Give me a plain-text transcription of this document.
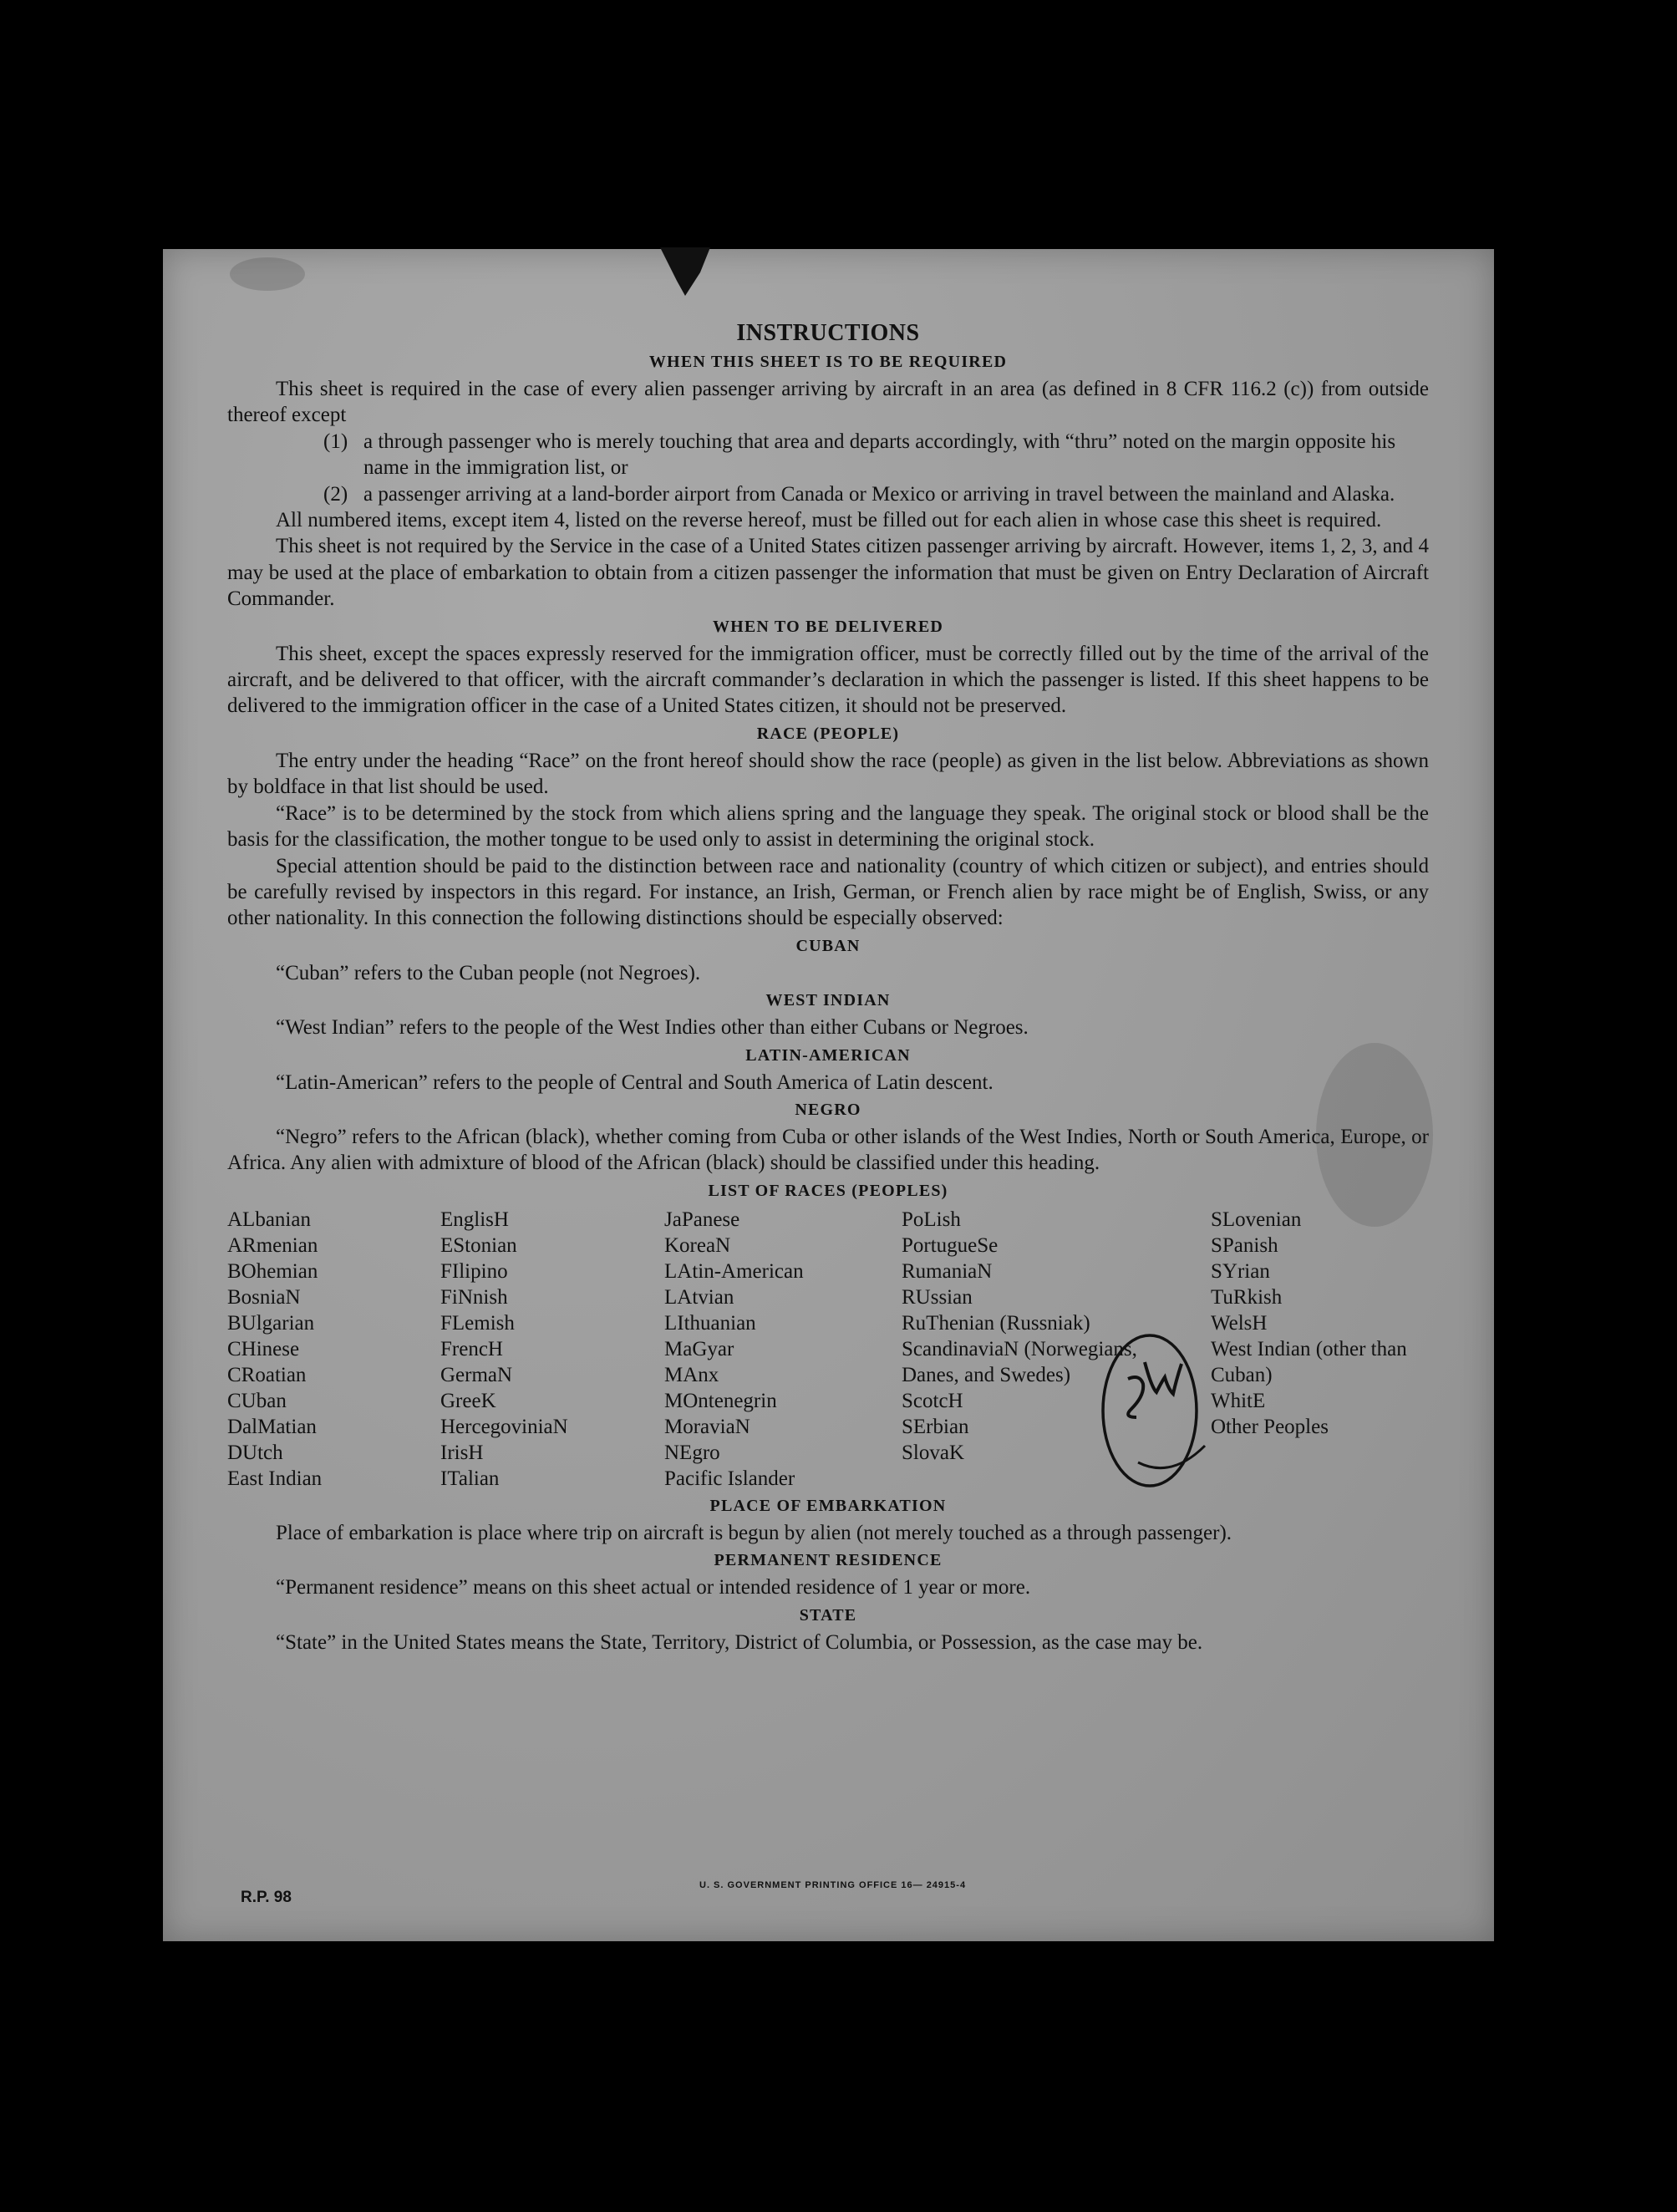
INSTRUCTIONS
WHEN THIS SHEET IS TO BE REQUIRED

This sheet is required in the case of every alien passenger arriving by aircraft in an area (as defined in 8 CFR 116.2 (c)) from outside thereof except

(1) a through passenger who is merely touching that area and departs accordingly, with “thru” noted on the margin opposite his name in the immigration list, or
(2) a passenger arriving at a land-border airport from Canada or Mexico or arriving in travel between the mainland and Alaska.

All numbered items, except item 4, listed on the reverse hereof, must be filled out for each alien in whose case this sheet is required.

This sheet is not required by the Service in the case of a United States citizen passenger arriving by aircraft. However, items 1, 2, 3, and 4 may be used at the place of embarkation to obtain from a citizen passenger the information that must be given on Entry Declaration of Aircraft Commander.

WHEN TO BE DELIVERED

This sheet, except the spaces expressly reserved for the immigration officer, must be correctly filled out by the time of the arrival of the aircraft, and be delivered to that officer, with the aircraft commander’s declaration in which the passenger is listed. If this sheet happens to be delivered to the immigration officer in the case of a United States citizen, it should not be preserved.

RACE (PEOPLE)

The entry under the heading “Race” on the front hereof should show the race (people) as given in the list below. Abbreviations as shown by boldface in that list should be used.

“Race” is to be determined by the stock from which aliens spring and the language they speak. The original stock or blood shall be the basis for the classification, the mother tongue to be used only to assist in determining the original stock.

Special attention should be paid to the distinction between race and nationality (country of which citizen or subject), and entries should be carefully revised by inspectors in this regard. For instance, an Irish, German, or French alien by race might be of English, Swiss, or any other nationality. In this connection the following distinctions should be especially observed:

CUBAN

“Cuban” refers to the Cuban people (not Negroes).

WEST INDIAN

“West Indian” refers to the people of the West Indies other than either Cubans or Negroes.

LATIN-AMERICAN

“Latin-American” refers to the people of Central and South America of Latin descent.

NEGRO

“Negro” refers to the African (black), whether coming from Cuba or other islands of the West Indies, North or South America, Europe, or Africa. Any alien with admixture of blood of the African (black) should be classified under this heading.

LIST OF RACES (PEOPLES)
ALbanian
ARmenian
BOhemian
BosniaN
BUlgarian
CHinese
CRoatian
CUban
DalMatian
DUtch
East Indian
EnglisH
EStonian
FIlipino
FiNnish
FLemish
FrencH
GermaN
GreeK
HercegoviniaN
IrisH
ITalian
JaPanese
KoreaN
LAtin-American
LAtvian
LIthuanian
MaGyar
MAnx
MOntenegrin
MoraviaN
NEgro
Pacific Islander
PoLish
PortugueSe
RumaniaN
RUssian
RuThenian (Russniak)
ScandinaviaN (Norwegians, Danes, and Swedes)
ScotcH
SErbian
SlovaK
SLovenian
SPanish
SYrian
TuRkish
WelsH
West Indian (other than Cuban)
WhitE
Other Peoples
PLACE OF EMBARKATION

Place of embarkation is place where trip on aircraft is begun by alien (not merely touched as a through passenger).

PERMANENT RESIDENCE

“Permanent residence” means on this sheet actual or intended residence of 1 year or more.

STATE

“State” in the United States means the State, Territory, District of Columbia, or Possession, as the case may be.

R.P. 98
U. S. GOVERNMENT PRINTING OFFICE 16— 24915-4
